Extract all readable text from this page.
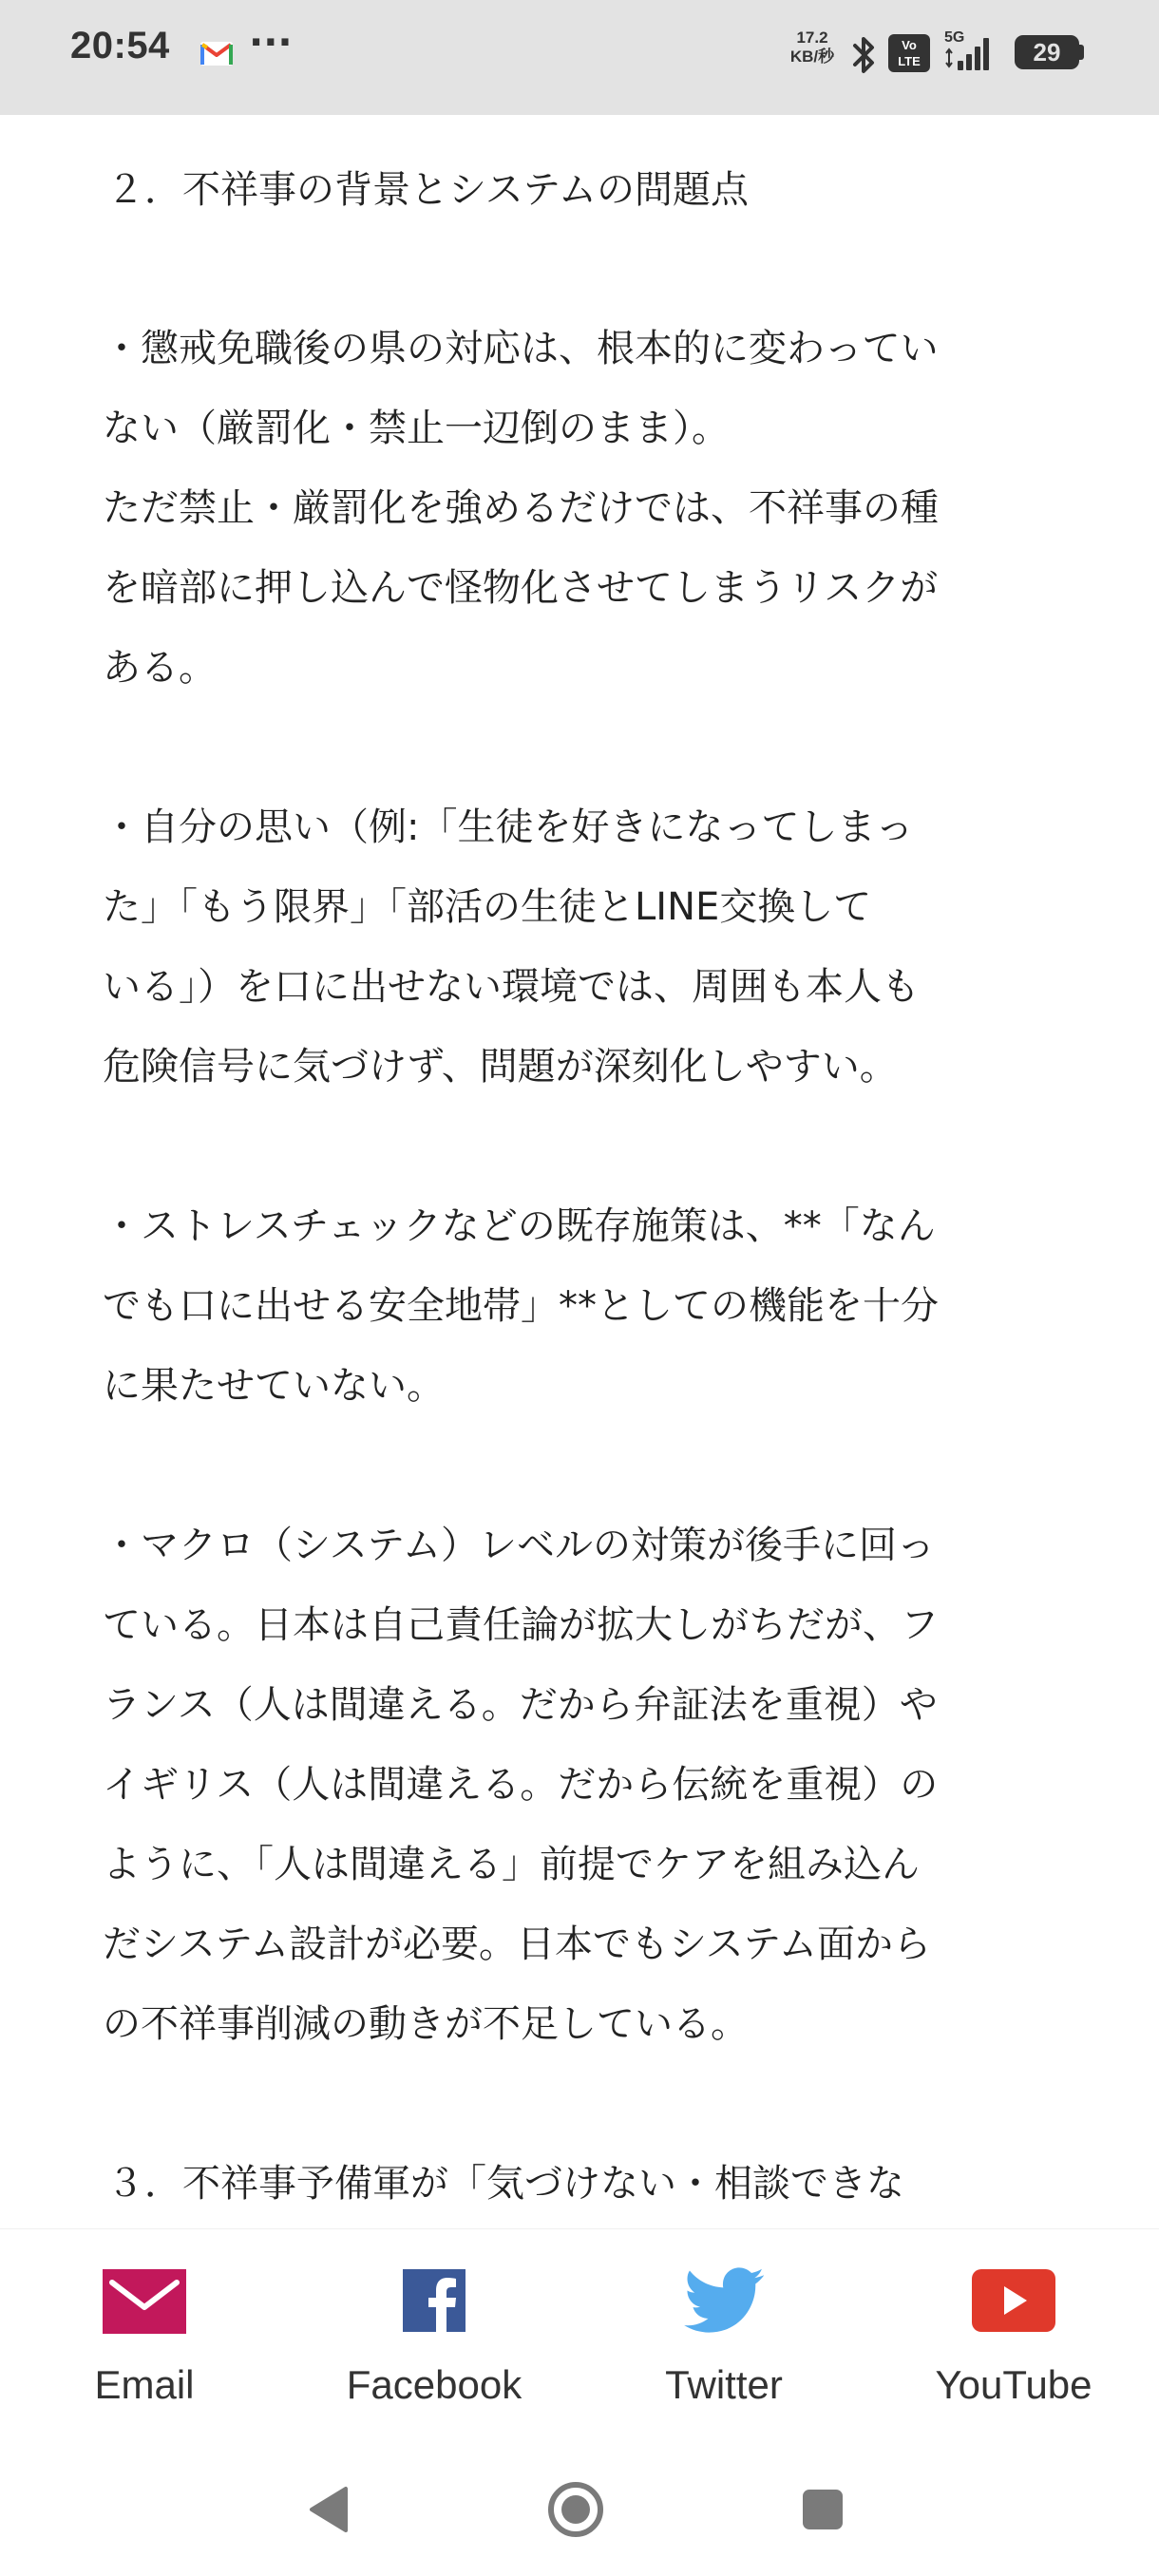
20:54 ···	17.2
KB/秒
Vo
LTE
5G
29
２．不祥事の背景とシステムの問題点
・懲戒免職後の県の対応は、根本的に変わってい
ない（厳罰化・禁止一辺倒のまま）。
ただ禁止・厳罰化を強めるだけでは、不祥事の種
を暗部に押し込んで怪物化させてしまうリスクが
ある。
・自分の思い（例:「生徒を好きになってしまっ
た」「もう限界」「部活の生徒とLINE交換して
いる」）を口に出せない環境では、周囲も本人も
危険信号に気づけず、問題が深刻化しやすい。
・ストレスチェックなどの既存施策は、**「なん
でも口に出せる安全地帯」**としての機能を十分
に果たせていない。
・マクロ（システム）レベルの対策が後手に回っ
ている。日本は自己責任論が拡大しがちだが、フ
ランス（人は間違える。だから弁証法を重視）や
イギリス（人は間違える。だから伝統を重視）の
ように、「人は間違える」前提でケアを組み込ん
だシステム設計が必要。日本でもシステム面から
の不祥事削減の動きが不足している。
３．不祥事予備軍が「気づけない・相談できな
Email	Facebook	Twitter	YouTube
